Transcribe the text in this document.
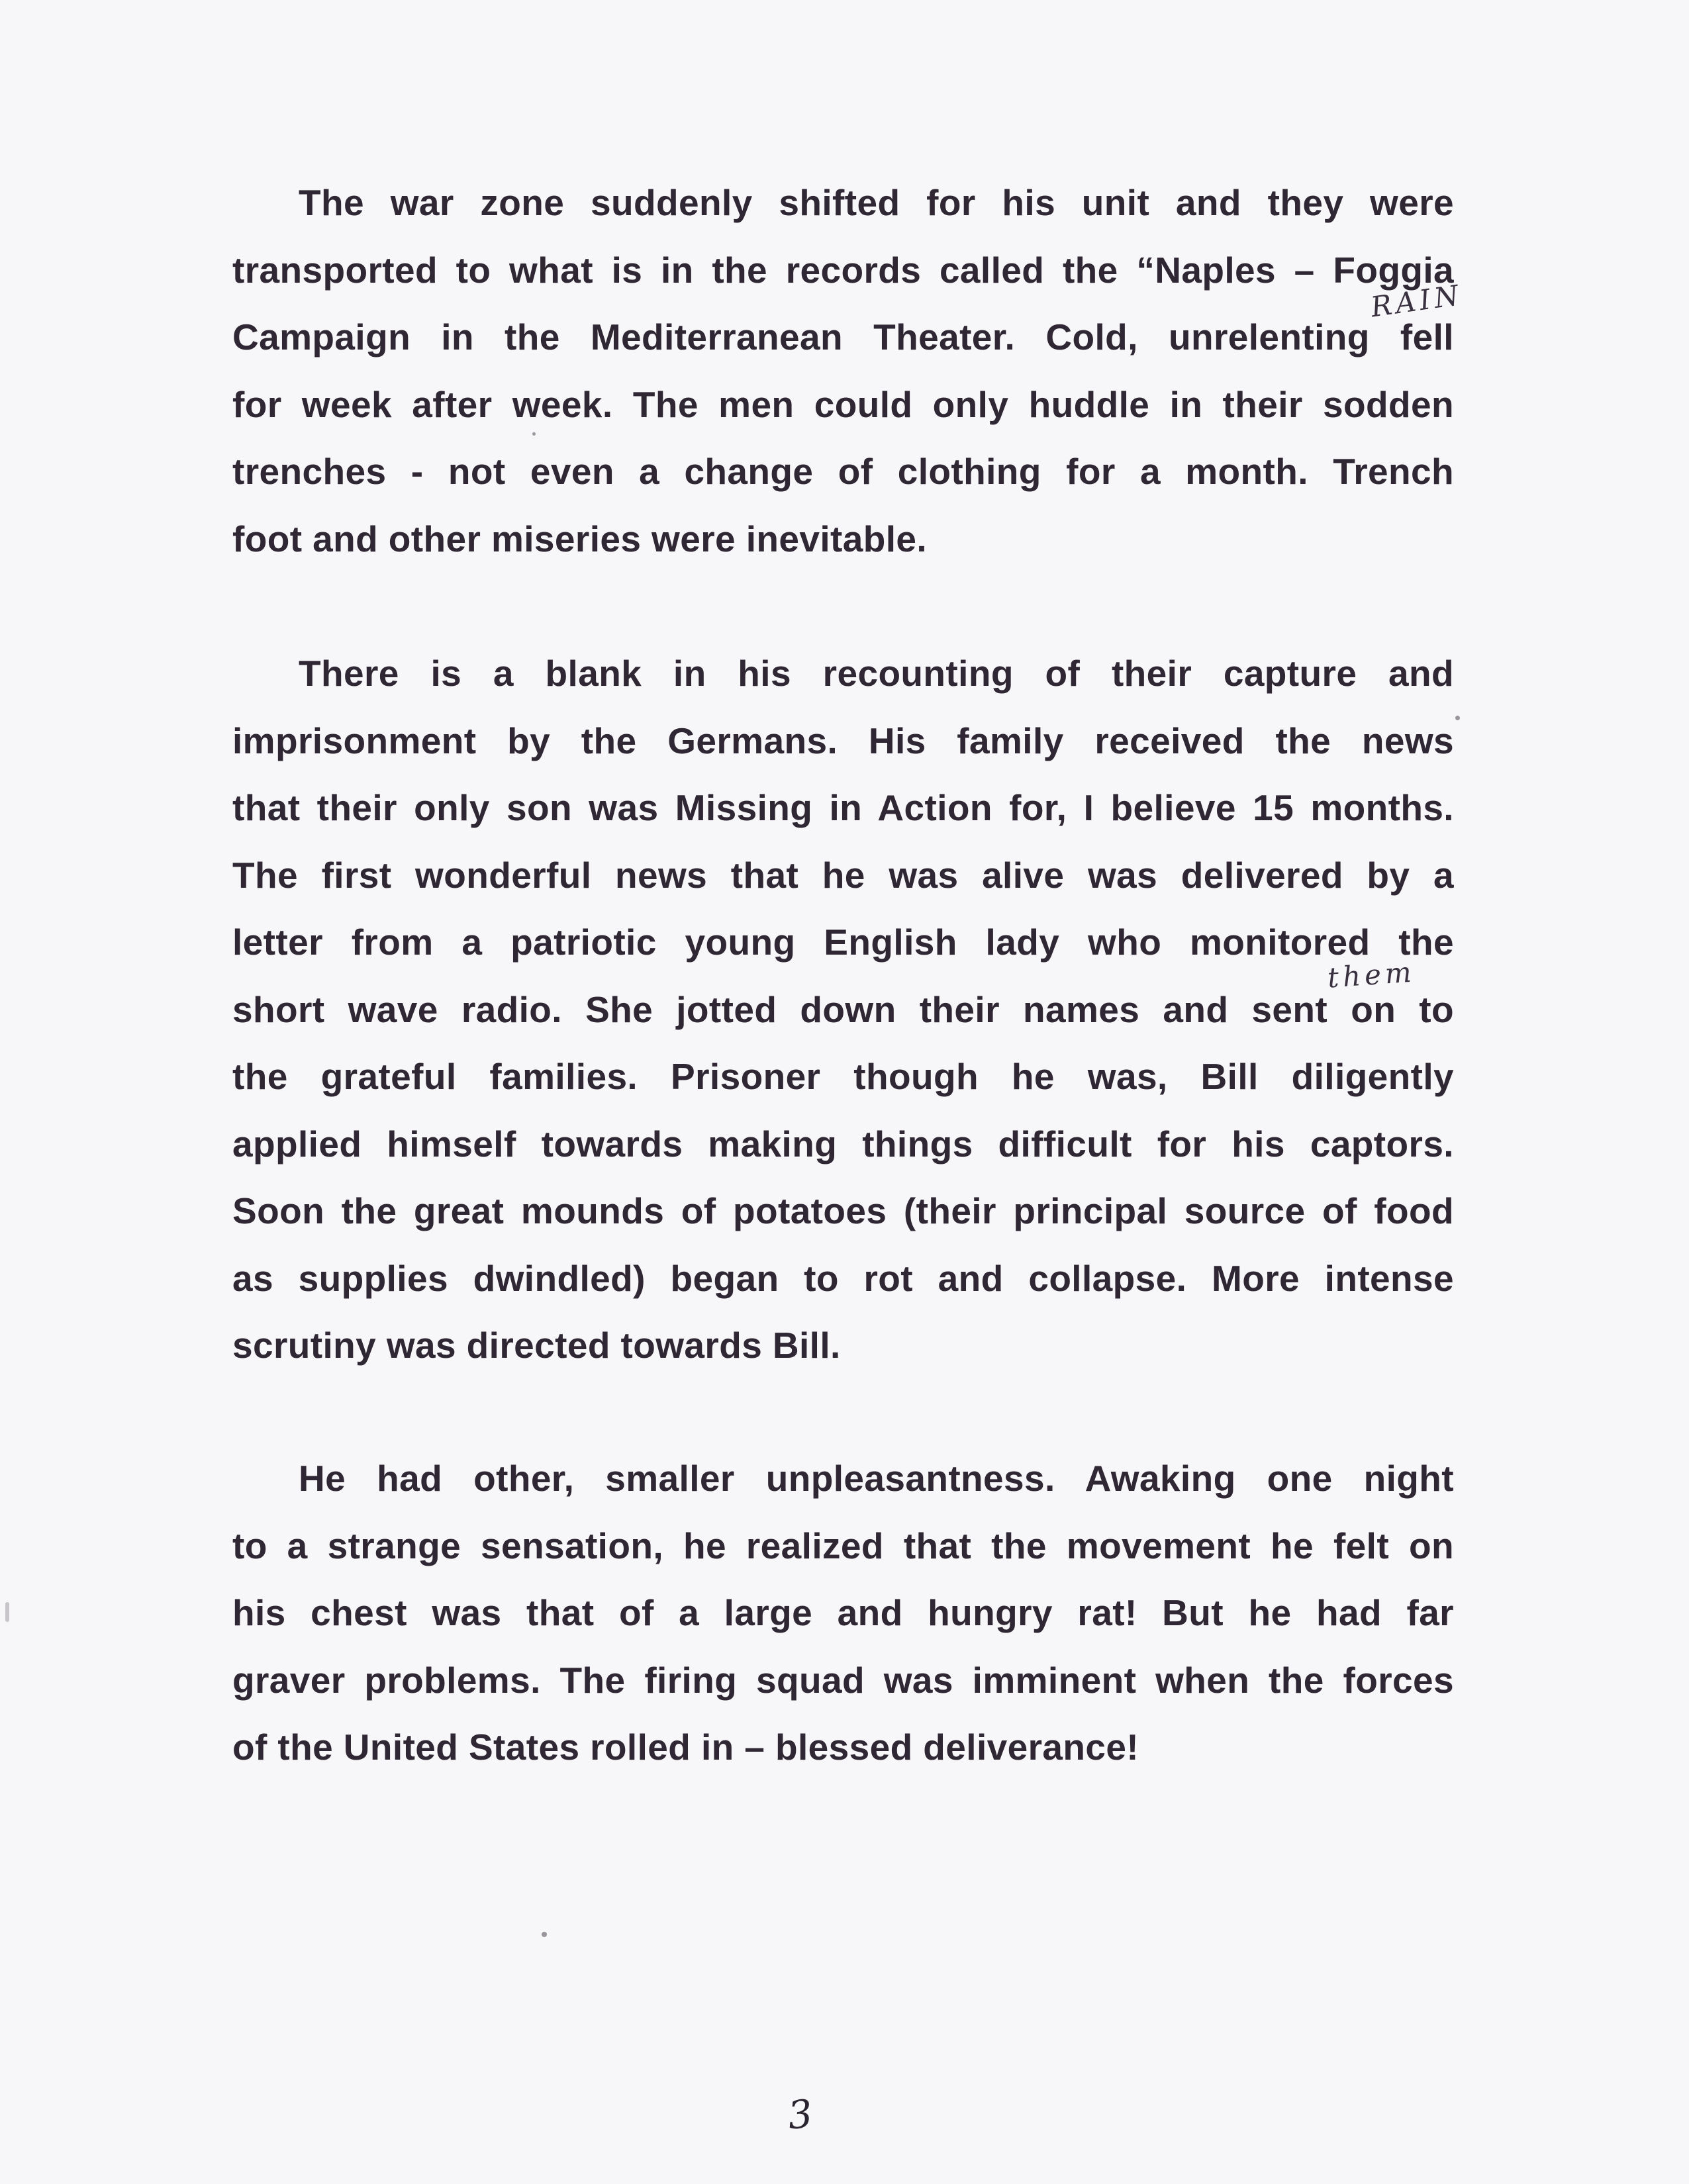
The war zone suddenly shifted for his unit and they were
transported to what is in the records called the “Naples – Foggia
Campaign in the Mediterranean Theater. Cold, unrelenting fell
for week after week. The men could only huddle in their sodden
trenches - not even a change of clothing for a month. Trench
foot and other miseries were inevitable.
There is a blank in his recounting of their capture and
imprisonment by the Germans. His family received the news
that their only son was Missing in Action for, I believe 15 months.
The first wonderful news that he was alive was delivered by a
letter from a patriotic young English lady who monitored the
short wave radio. She jotted down their names and sent on to
the grateful families. Prisoner though he was, Bill diligently
applied himself towards making things difficult for his captors.
Soon the great mounds of potatoes (their principal source of food
as supplies dwindled) began to rot and collapse. More intense
scrutiny was directed towards Bill.
He had other, smaller unpleasantness. Awaking one night
to a strange sensation, he realized that the movement he felt on
his chest was that of a large and hungry rat! But he had far
graver problems. The firing squad was imminent when the forces
of the United States rolled in – blessed deliverance!
RAIN
them
3
